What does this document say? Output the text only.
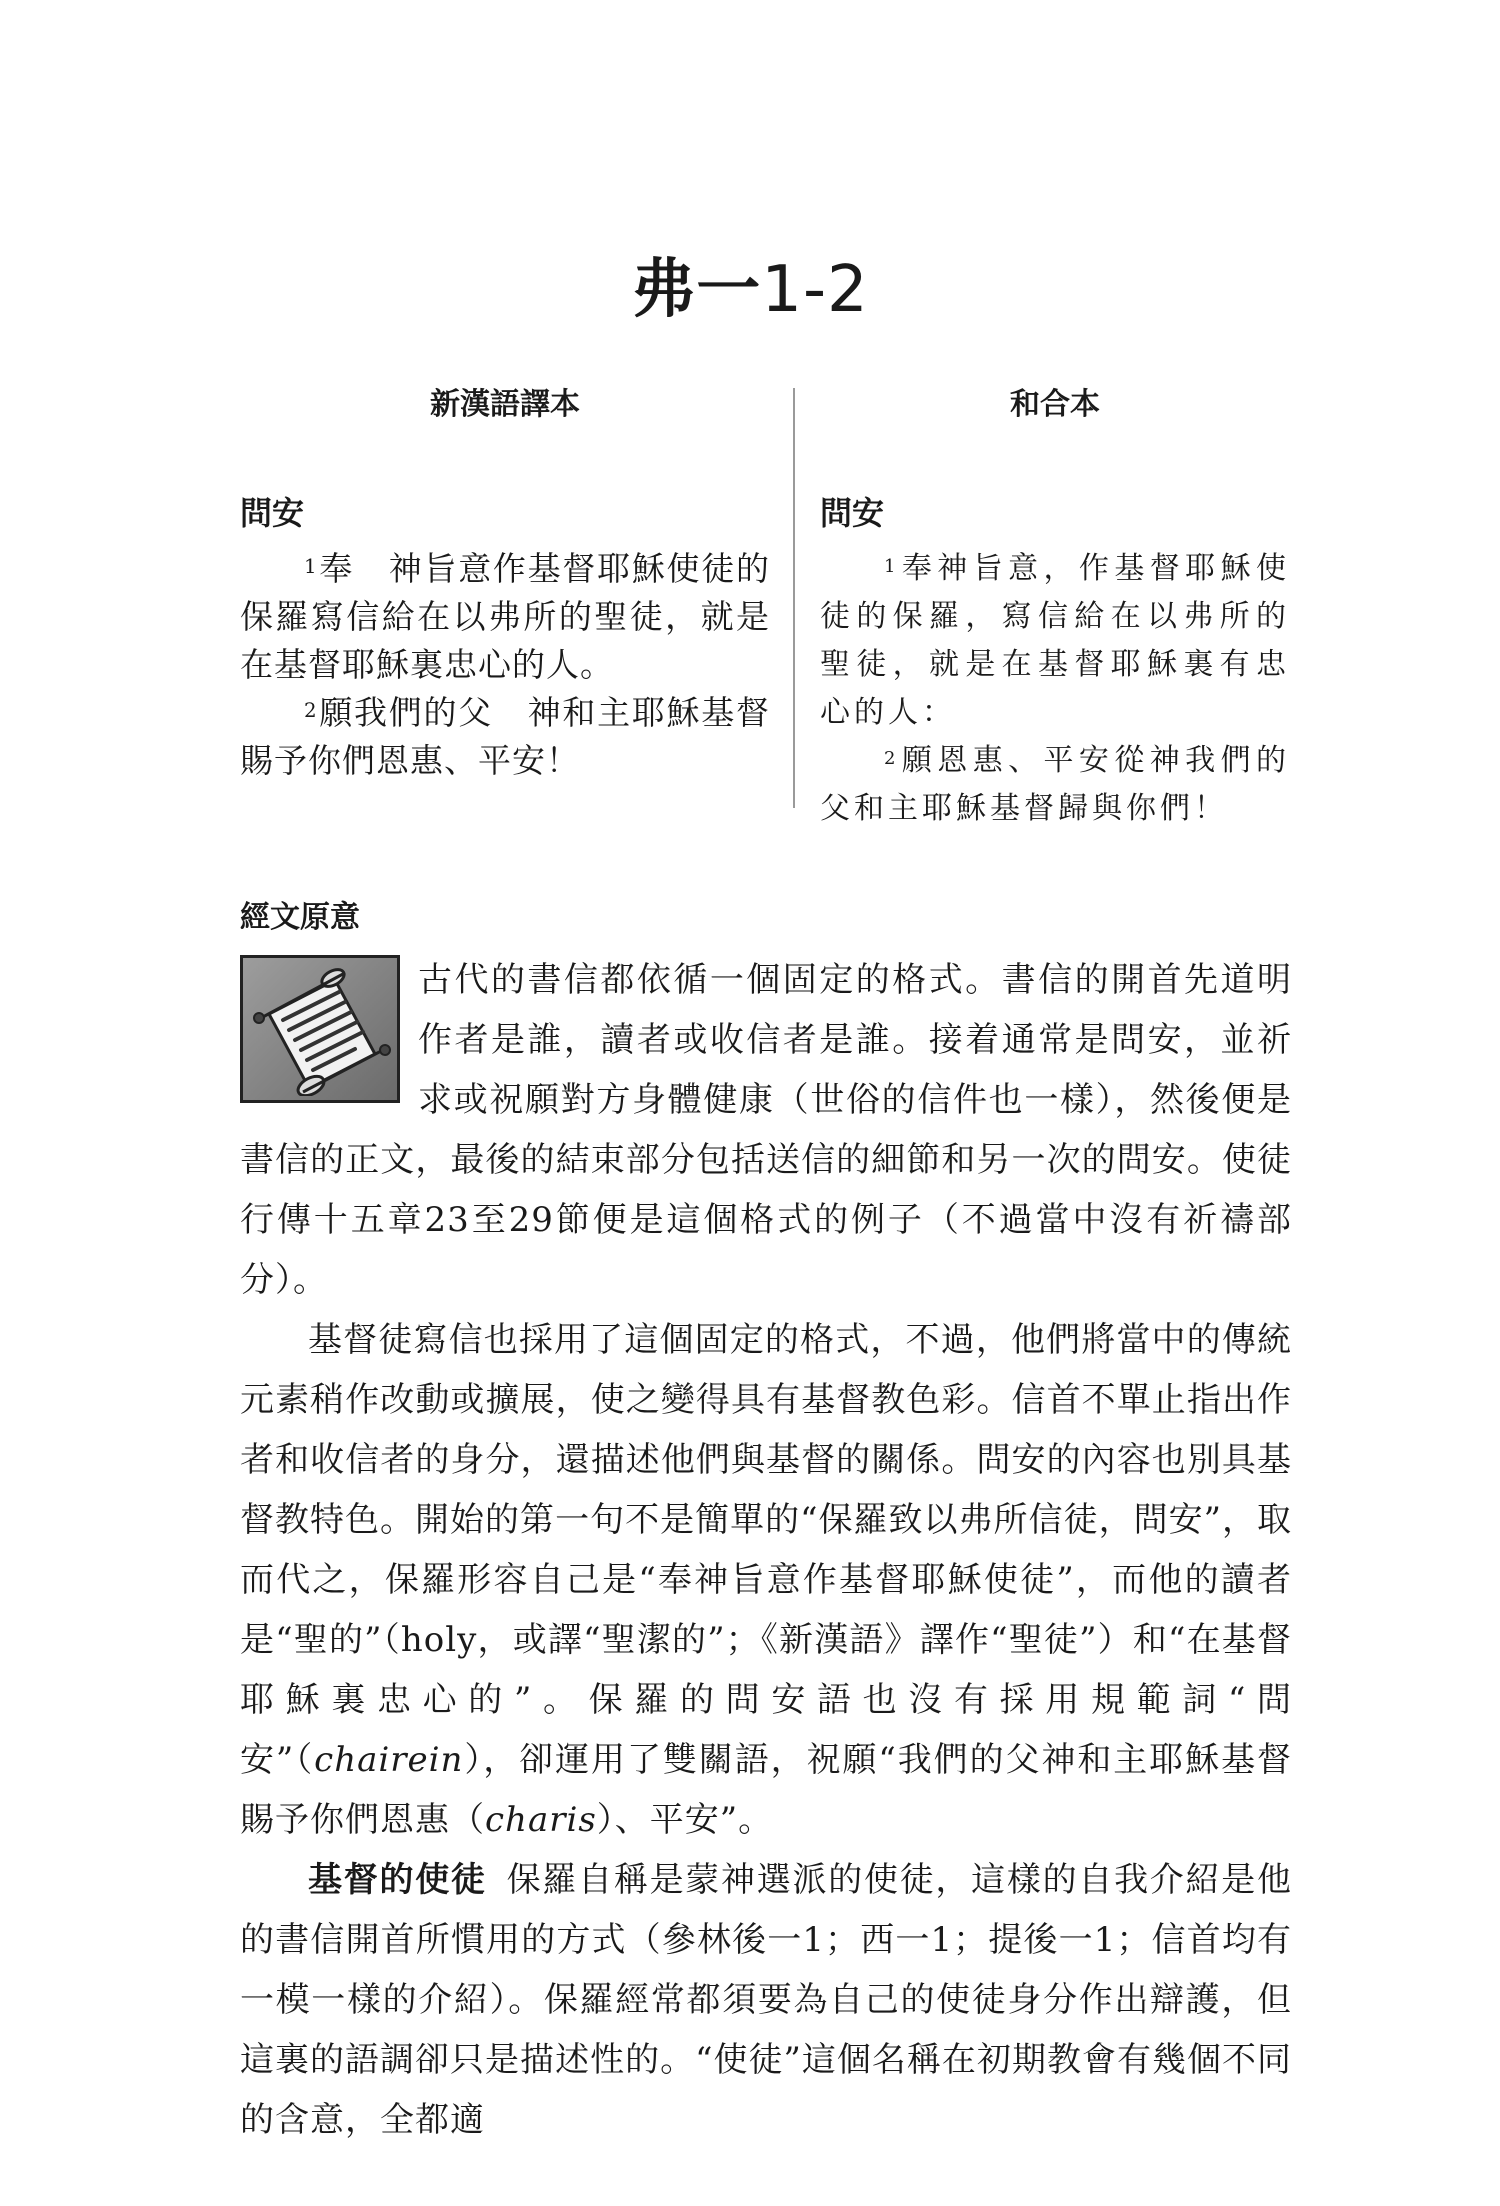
弗一1-2
新漢語譯本
問安

$^1$奉　神旨意作基督耶穌使徒的保羅寫信給在以弗所的聖徒，就是在基督耶穌裏忠心的人。

$^2$願我們的父　神和主耶穌基督賜予你們恩惠、平安！

和合本
問安

$^1$奉神旨意，作基督耶穌使徒的保羅，寫信給在以弗所的聖徒，就是在基督耶穌裏有忠心的人：

$^2$願恩惠、平安從神我們的父和主耶穌基督歸與你們！

經文原意

古代的書信都依循一個固定的格式。書信的開首先道明作者是誰，讀者或收信者是誰。接着通常是問安，並祈求或祝願對方身體健康（世俗的信件也一樣），然後便是書信的正文，最後的結束部分包括送信的細節和另一次的問安。使徒行傳十五章23至29節便是這個格式的例子（不過當中沒有祈禱部分）。

基督徒寫信也採用了這個固定的格式，不過，他們將當中的傳統元素稍作改動或擴展，使之變得具有基督教色彩。信首不單止指出作者和收信者的身分，還描述他們與基督的關係。問安的內容也別具基督教特色。開始的第一句不是簡單的“保羅致以弗所信徒，問安”，取而代之，保羅形容自己是“奉神旨意作基督耶穌使徒”，而他的讀者是“聖的”（holy，或譯“聖潔的”；《新漢語》譯作“聖徒”）和“在基督耶穌裏忠心的”。保羅的問安語也沒有採用規範詞“問安”（chairein），卻運用了雙關語，祝願“我們的父神和主耶穌基督賜予你們恩惠（charis）、平安”。

基督的使徒 保羅自稱是蒙神選派的使徒，這樣的自我介紹是他的書信開首所慣用的方式（參林後一1；西一1；提後一1；信首均有一模一樣的介紹）。保羅經常都須要為自己的使徒身分作出辯護，但這裏的語調卻只是描述性的。“使徒”這個名稱在初期教會有幾個不同的含意，全都適
